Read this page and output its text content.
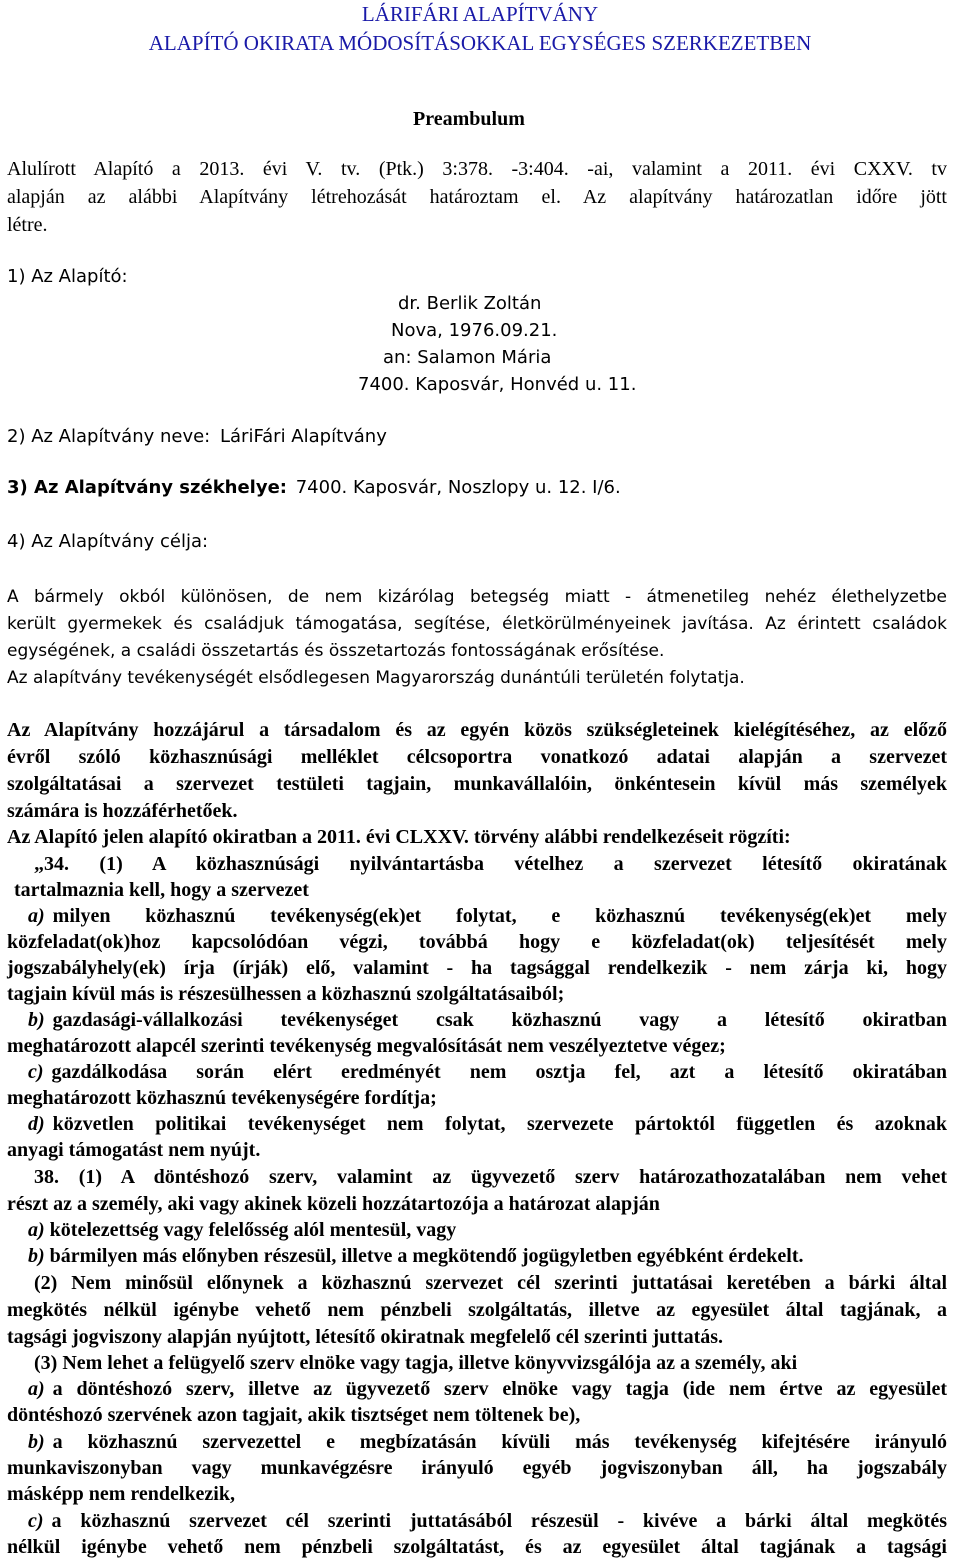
LÁRIFÁRI ALAPÍTVÁNY
ALAPÍTÓ OKIRATA MÓDOSÍTÁSOKKAL EGYSÉGES SZERKEZETBEN
Preambulum
Alulírott Alapító a 2013. évi V. tv. (Ptk.) 3:378. -3:404. -ai, valamint a 2011. évi CXXV. tv
alapján az alábbi Alapítvány létrehozását határoztam el. Az alapítvány határozatlan időre jött
létre.
1) Az Alapító:
dr. Berlik Zoltán
Nova, 1976.09.21.
an: Salamon Mária
7400. Kaposvár, Honvéd u. 11.
2) Az Alapítvány neve: LáriFári Alapítvány
3) Az Alapítvány székhelye: 7400. Kaposvár, Noszlopy u. 12. I/6.
4) Az Alapítvány célja:
A bármely okból különösen, de nem kizárólag betegség miatt - átmenetileg nehéz élethelyzetbe
került gyermekek és családjuk támogatása, segítése, életkörülményeinek javítása. Az érintett családok
egységének, a családi összetartás és összetartozás fontosságának erősítése.
Az alapítvány tevékenységét elsődlegesen Magyarország dunántúli területén folytatja.
Az Alapítvány hozzájárul a társadalom és az egyén közös szükségleteinek kielégítéséhez, az előző
évről szóló közhasznúsági melléklet célcsoportra vonatkozó adatai alapján a szervezet
szolgáltatásai a szervezet testületi tagjain, munkavállalóin, önkéntesein kívül más személyek
számára is hozzáférhetőek.
Az Alapító jelen alapító okiratban a 2011. évi CLXXV. törvény alábbi rendelkezéseit rögzíti:
„34. (1) A közhasznúsági nyilvántartásba vételhez a szervezet létesítő okiratának
tartalmaznia kell, hogy a szervezet
a) milyen közhasznú tevékenység(ek)et folytat, e közhasznú tevékenység(ek)et mely
közfeladat(ok)hoz kapcsolódóan végzi, továbbá hogy e közfeladat(ok) teljesítését mely
jogszabályhely(ek) írja (írják) elő, valamint - ha tagsággal rendelkezik - nem zárja ki, hogy
tagjain kívül más is részesülhessen a közhasznú szolgáltatásaiból;
b) gazdasági-vállalkozási tevékenységet csak közhasznú vagy a létesítő okiratban
meghatározott alapcél szerinti tevékenység megvalósítását nem veszélyeztetve végez;
c) gazdálkodása során elért eredményét nem osztja fel, azt a létesítő okiratában
meghatározott közhasznú tevékenységére fordítja;
d) közvetlen politikai tevékenységet nem folytat, szervezete pártoktól független és azoknak
anyagi támogatást nem nyújt.
38. (1) A döntéshozó szerv, valamint az ügyvezető szerv határozathozatalában nem vehet
részt az a személy, aki vagy akinek közeli hozzátartozója a határozat alapján
a) kötelezettség vagy felelősség alól mentesül, vagy
b) bármilyen más előnyben részesül, illetve a megkötendő jogügyletben egyébként érdekelt.
(2) Nem minősül előnynek a közhasznú szervezet cél szerinti juttatásai keretében a bárki által
megkötés nélkül igénybe vehető nem pénzbeli szolgáltatás, illetve az egyesület által tagjának, a
tagsági jogviszony alapján nyújtott, létesítő okiratnak megfelelő cél szerinti juttatás.
(3) Nem lehet a felügyelő szerv elnöke vagy tagja, illetve könyvvizsgálója az a személy, aki
a) a döntéshozó szerv, illetve az ügyvezető szerv elnöke vagy tagja (ide nem értve az egyesület
döntéshozó szervének azon tagjait, akik tisztséget nem töltenek be),
b) a közhasznú szervezettel e megbízatásán kívüli más tevékenység kifejtésére irányuló
munkaviszonyban vagy munkavégzésre irányuló egyéb jogviszonyban áll, ha jogszabály
másképp nem rendelkezik,
c) a közhasznú szervezet cél szerinti juttatásából részesül - kivéve a bárki által megkötés
nélkül igénybe vehető nem pénzbeli szolgáltatást, és az egyesület által tagjának a tagsági
